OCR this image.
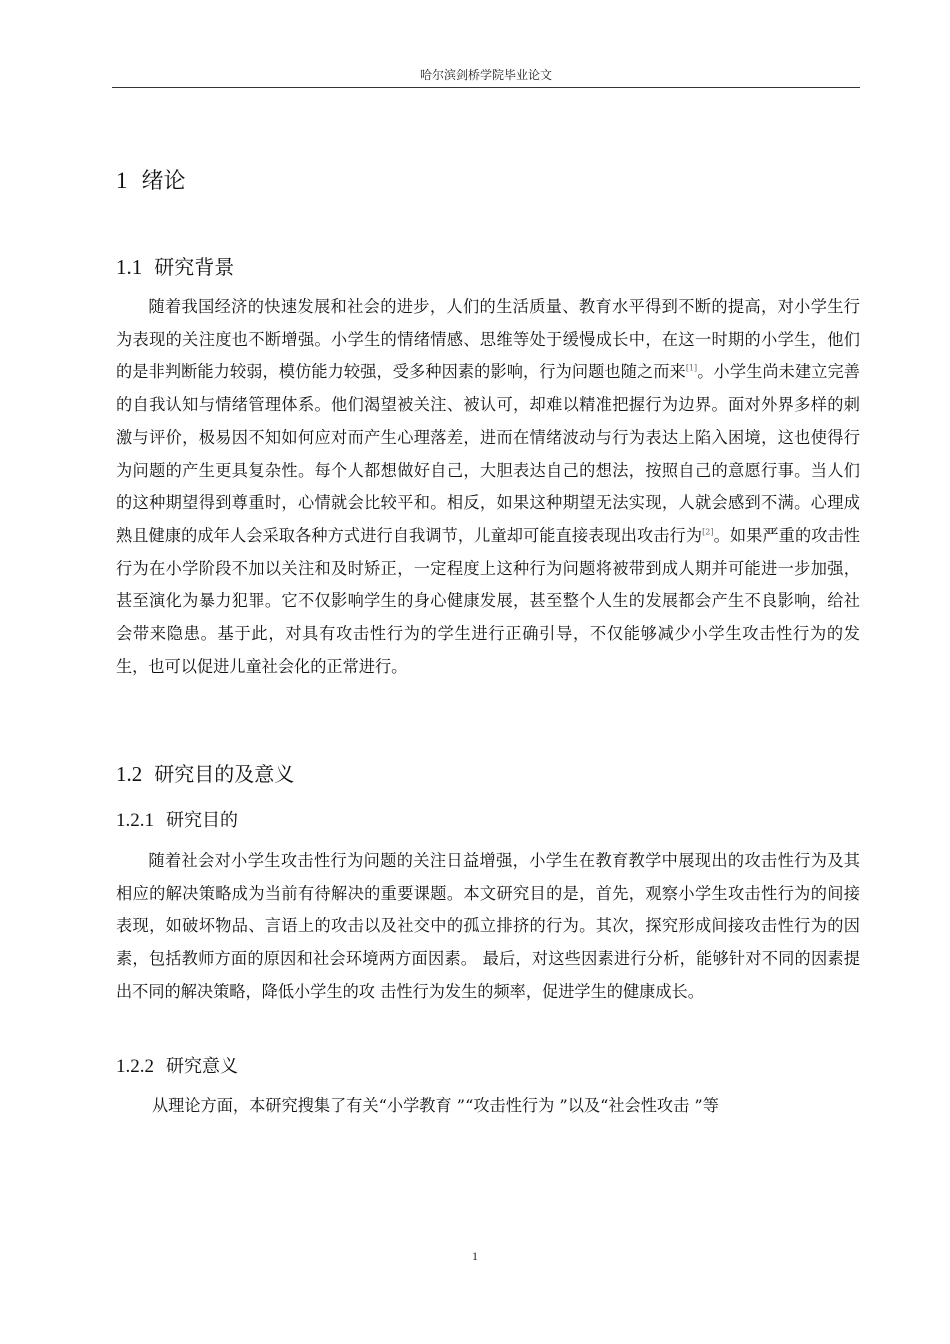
哈尔滨剑桥学院毕业论文
1 绪论
1.1 研究背景

随着我国经济的快速发展和社会的进步，人们的生活质量、教育水平得到不断的提高，对小学生行为表现的关注度也不断增强。小学生的情绪情感、思维等处于缓慢成长中，在这一时期的小学生，他们的是非判断能力较弱，模仿能力较强，受多种因素的影响，行为问题也随之而来[1]。小学生尚未建立完善的自我认知与情绪管理体系。他们渴望被关注、被认可，却难以精准把握行为边界。面对外界多样的刺激与评价，极易因不知如何应对而产生心理落差，进而在情绪波动与行为表达上陷入困境，这也使得行为问题的产生更具复杂性。每个人都想做好自己，大胆表达自己的想法，按照自己的意愿行事。当人们的这种期望得到尊重时，心情就会比较平和。相反，如果这种期望无法实现，人就会感到不满。心理成熟且健康的成年人会采取各种方式进行自我调节，儿童却可能直接表现出攻击行为[2]。如果严重的攻击性行为在小学阶段不加以关注和及时矫正，一定程度上这种行为问题将被带到成人期并可能进一步加强，甚至演化为暴力犯罪。它不仅影响学生的身心健康发展，甚至整个人生的发展都会产生不良影响，给社会带来隐患。基于此，对具有攻击性行为的学生进行正确引导，不仅能够减少小学生攻击性行为的发生，也可以促进儿童社会化的正常进行。

1.2 研究目的及意义
1.2.1 研究目的

随着社会对小学生攻击性行为问题的关注日益增强，小学生在教育教学中展现出的攻击性行为及其相应的解决策略成为当前有待解决的重要课题。本文研究目的是，首先，观察小学生攻击性行为的间接表现，如破坏物品、言语上的攻击以及社交中的孤立排挤的行为。其次，探究形成间接攻击性行为的因素，包括教师方面的原因和社会环境两方面因素。 最后，对这些因素进行分析，能够针对不同的因素提出不同的解决策略，降低小学生的攻 击性行为发生的频率，促进学生的健康成长。

1.2.2 研究意义

从理论方面，本研究搜集了有关“小学教育 ”“攻击性行为 ”以及“社会性攻击 ”等

1
